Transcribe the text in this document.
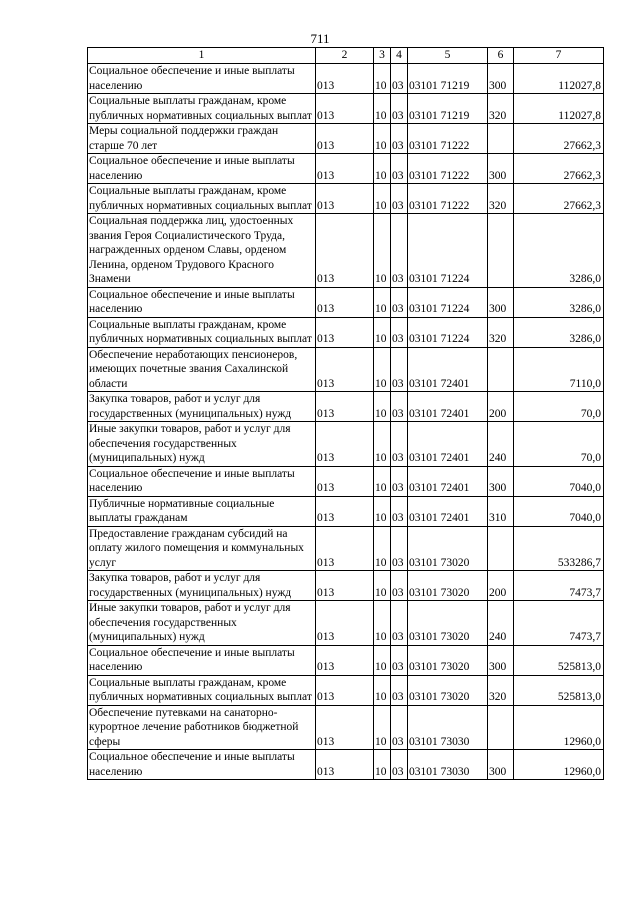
711
1	2	3	4	5	6	7
Социальное обеспечение и иные выплаты населению	013	10	03	03101 71219	300	112027,8
Социальные выплаты гражданам, кроме публичных нормативных социальных выплат	013	10	03	03101 71219	320	112027,8
Меры социальной поддержки граждан старше 70 лет	013	10	03	03101 71222		27662,3
Социальное обеспечение и иные выплаты населению	013	10	03	03101 71222	300	27662,3
Социальные выплаты гражданам, кроме публичных нормативных социальных выплат	013	10	03	03101 71222	320	27662,3
Социальная поддержка лиц, удостоенных звания Героя Социалистического Труда, награжденных орденом Славы, орденом Ленина, орденом Трудового Красного Знамени	013	10	03	03101 71224		3286,0
Социальное обеспечение и иные выплаты населению	013	10	03	03101 71224	300	3286,0
Социальные выплаты гражданам, кроме публичных нормативных социальных выплат	013	10	03	03101 71224	320	3286,0
Обеспечение неработающих пенсионеров, имеющих почетные звания Сахалинской области	013	10	03	03101 72401		7110,0
Закупка товаров, работ и услуг для государственных (муниципальных) нужд	013	10	03	03101 72401	200	70,0
Иные закупки товаров, работ и услуг для обеспечения государственных (муниципальных) нужд	013	10	03	03101 72401	240	70,0
Социальное обеспечение и иные выплаты населению	013	10	03	03101 72401	300	7040,0
Публичные нормативные социальные выплаты гражданам	013	10	03	03101 72401	310	7040,0
Предоставление гражданам субсидий на оплату жилого помещения и коммунальных услуг	013	10	03	03101 73020		533286,7
Закупка товаров, работ и услуг для государственных (муниципальных) нужд	013	10	03	03101 73020	200	7473,7
Иные закупки товаров, работ и услуг для обеспечения государственных (муниципальных) нужд	013	10	03	03101 73020	240	7473,7
Социальное обеспечение и иные выплаты населению	013	10	03	03101 73020	300	525813,0
Социальные выплаты гражданам, кроме публичных нормативных социальных выплат	013	10	03	03101 73020	320	525813,0
Обеспечение путевками на санаторно-курортное лечение работников бюджетной сферы	013	10	03	03101 73030		12960,0
Социальное обеспечение и иные выплаты населению	013	10	03	03101 73030	300	12960,0
